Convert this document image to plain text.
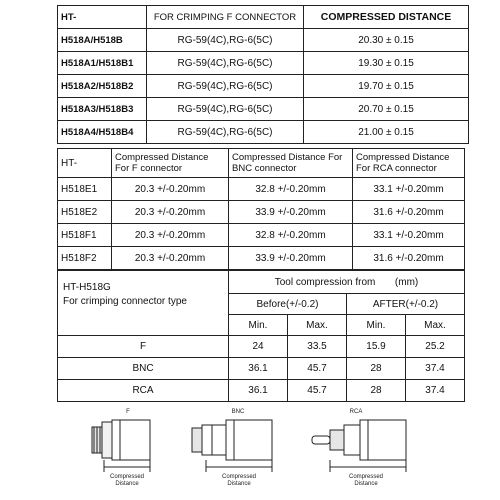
HT-	FOR CRIMPING F CONNECTOR	COMPRESSED DISTANCE
H518A/H518B	RG-59(4C),RG-6(5C)	20.30 ± 0.15
H518A1/H518B1	RG-59(4C),RG-6(5C)	19.30 ± 0.15
H518A2/H518B2	RG-59(4C),RG-6(5C)	19.70 ± 0.15
H518A3/H518B3	RG-59(4C),RG-6(5C)	20.70 ± 0.15
H518A4/H518B4	RG-59(4C),RG-6(5C)	21.00 ± 0.15
HT-	Compressed Distance For F connector	Compressed Distance For BNC connector	Compressed Distance For RCA connector
H518E1	20.3 +/-0.20mm	32.8 +/-0.20mm	33.1 +/-0.20mm
H518E2	20.3 +/-0.20mm	33.9 +/-0.20mm	31.6 +/-0.20mm
H518F1	20.3 +/-0.20mm	32.8 +/-0.20mm	33.1 +/-0.20mm
H518F2	20.3 +/-0.20mm	33.9 +/-0.20mm	31.6 +/-0.20mm
HT-H518G
For crimping connector type	Tool compression from (mm)			
	Before(+/-0.2)		AFTER(+/-0.2)	
	Min.	Max.	Min.	Max.
F	24	33.5	15.9	25.2
BNC	36.1	45.7	28	37.4
RCA	36.1	45.7	28	37.4
F
Compressed
Distance
BNC
Compressed
Distance
RCA
Compressed
Distance
